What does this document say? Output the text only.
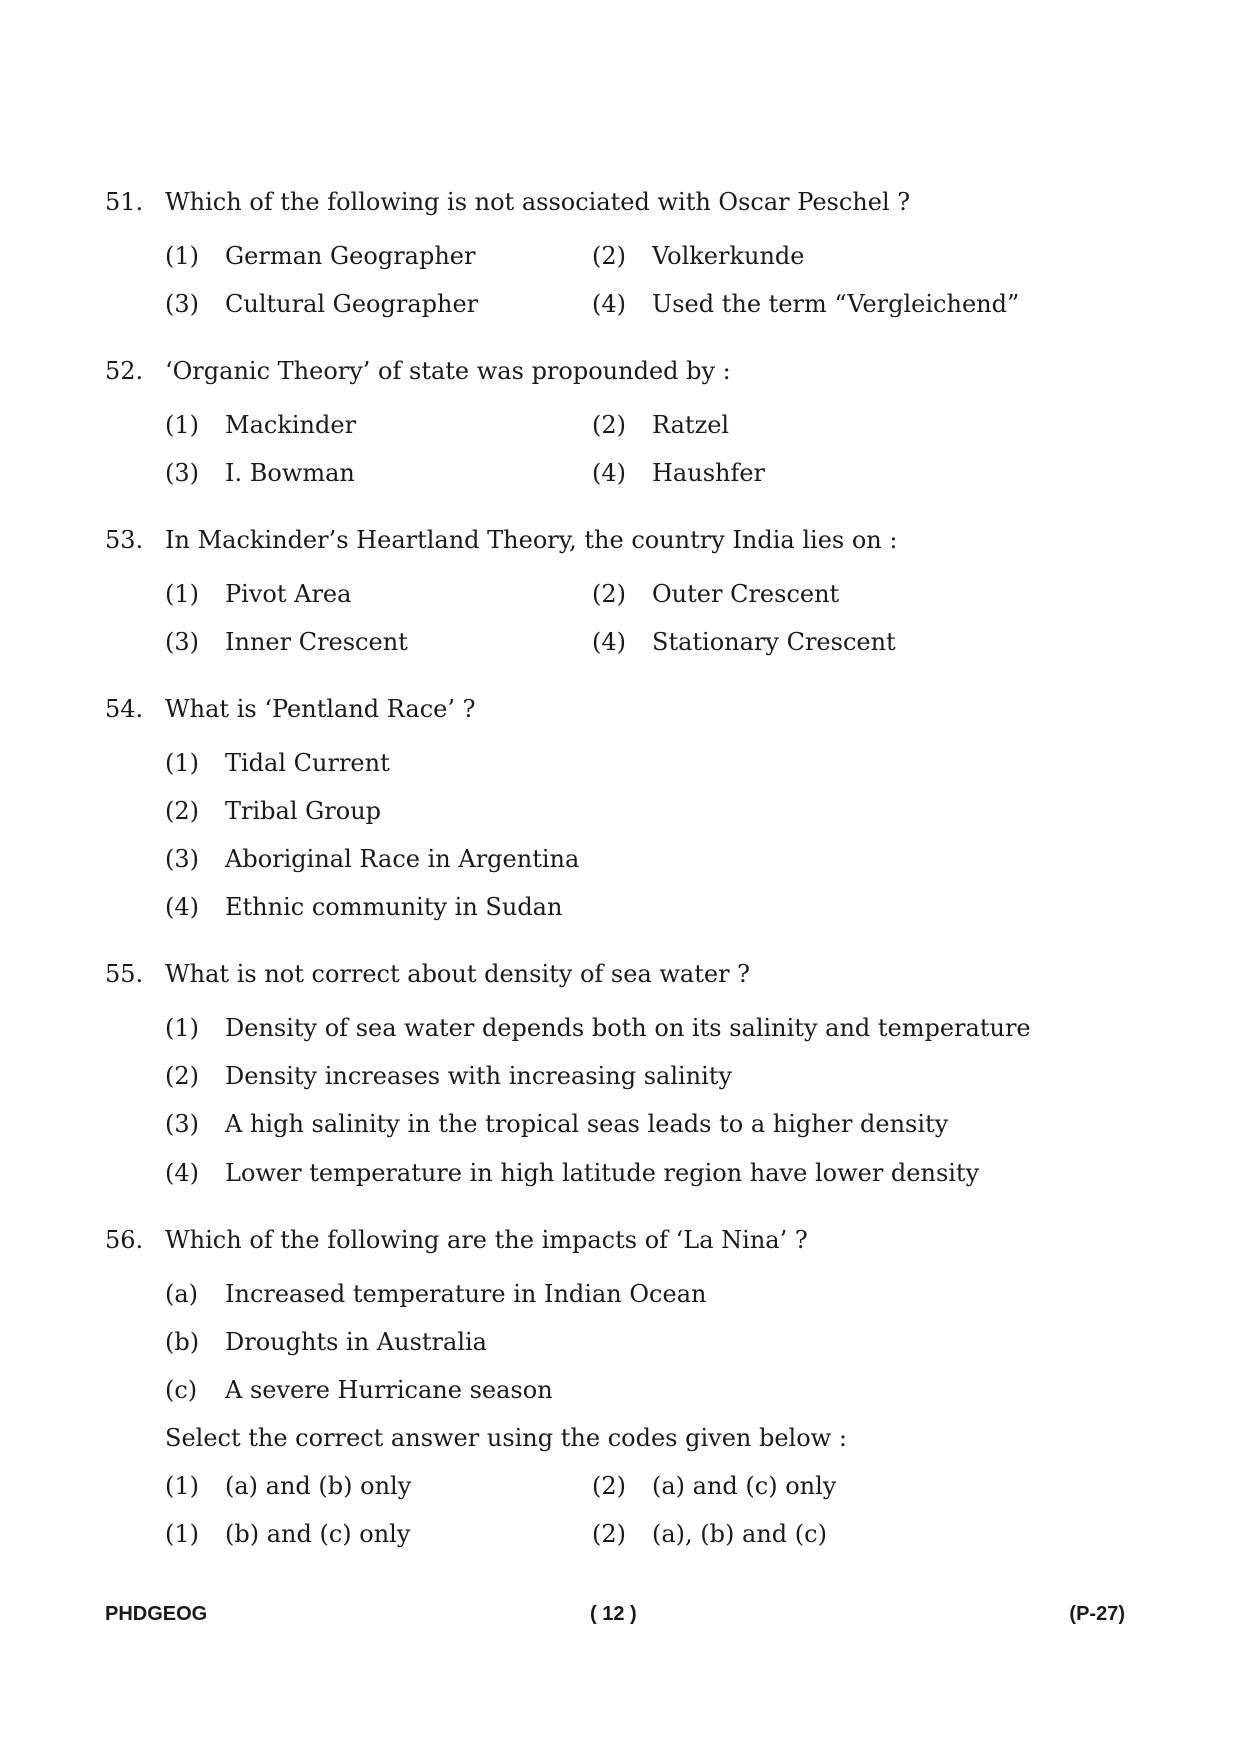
51. Which of the following is not associated with Oscar Peschel ?
(1) German Geographer	(2) Volkerkunde
(3) Cultural Geographer	(4) Used the term “Vergleichend”
52. ‘Organic Theory’ of state was propounded by :
(1) Mackinder	(2) Ratzel
(3) I. Bowman	(4) Haushfer
53. In Mackinder’s Heartland Theory, the country India lies on :
(1) Pivot Area	(2) Outer Crescent
(3) Inner Crescent	(4) Stationary Crescent
54. What is ‘Pentland Race’ ?
(1) Tidal Current
(2) Tribal Group
(3) Aboriginal Race in Argentina
(4) Ethnic community in Sudan
55. What is not correct about density of sea water ?
(1) Density of sea water depends both on its salinity and temperature
(2) Density increases with increasing salinity
(3) A high salinity in the tropical seas leads to a higher density
(4) Lower temperature in high latitude region have lower density
56. Which of the following are the impacts of ‘La Nina’ ?
(a) Increased temperature in Indian Ocean
(b) Droughts in Australia
(c) A severe Hurricane season
Select the correct answer using the codes given below :
(1) (a) and (b) only	(2) (a) and (c) only
(1) (b) and (c) only	(2) (a), (b) and (c)
PHDGEOG	( 12 )	(P-27)
